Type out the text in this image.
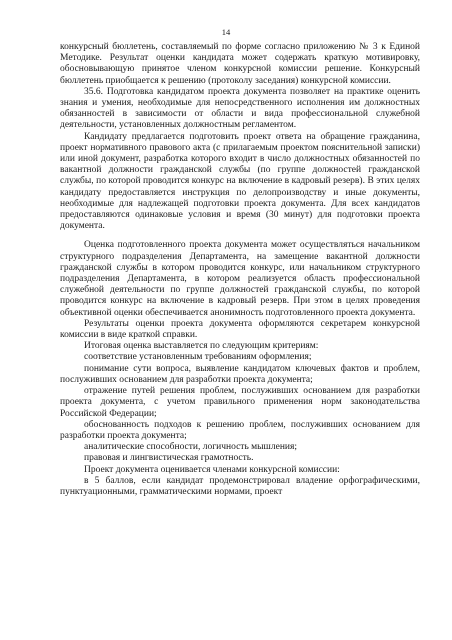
14

конкурсный бюллетень, составляемый по форме согласно приложению № 3 к Единой Методике. Результат оценки кандидата может содержать краткую мотивировку, обосновывающую принятое членом конкурсной комиссии решение. Конкурсный бюллетень приобщается к решению (протоколу заседания) конкурсной комиссии.

35.6. Подготовка кандидатом проекта документа позволяет на практике оценить знания и умения, необходимые для непосредственного исполнения им должностных обязанностей в зависимости от области и вида профессиональной служебной деятельности, установленных должностным регламентом.

Кандидату предлагается подготовить проект ответа на обращение гражданина, проект нормативного правового акта (с прилагаемым проектом пояснительной записки) или иной документ, разработка которого входит в число должностных обязанностей по вакантной должности гражданской службы (по группе должностей гражданской службы, по которой проводится конкурс на включение в кадровый резерв). В этих целях кандидату предоставляется инструкция по делопроизводству и иные документы, необходимые для надлежащей подготовки проекта документа. Для всех кандидатов предоставляются одинаковые условия и время (30 минут) для подготовки проекта документа.

Оценка подготовленного проекта документа может осуществляться начальником структурного подразделения Департамента, на замещение вакантной должности гражданской службы в котором проводится конкурс, или начальником структурного подразделения Департамента, в котором реализуется область профессиональной служебной деятельности по группе должностей гражданской службы, по которой проводится конкурс на включение в кадровый резерв. При этом в целях проведения объективной оценки обеспечивается анонимность подготовленного проекта документа.

Результаты оценки проекта документа оформляются секретарем конкурсной комиссии в виде краткой справки.

Итоговая оценка выставляется по следующим критериям:

соответствие установленным требованиям оформления;

понимание сути вопроса, выявление кандидатом ключевых фактов и проблем, послуживших основанием для разработки проекта документа;

отражение путей решения проблем, послуживших основанием для разработки проекта документа, с учетом правильного применения норм законодательства Российской Федерации;

обоснованность подходов к решению проблем, послуживших основанием для разработки проекта документа;

аналитические способности, логичность мышления;

правовая и лингвистическая грамотность.

Проект документа оценивается членами конкурсной комиссии:

в 5 баллов, если кандидат продемонстрировал владение орфографическими, пунктуационными, грамматическими нормами, проект
